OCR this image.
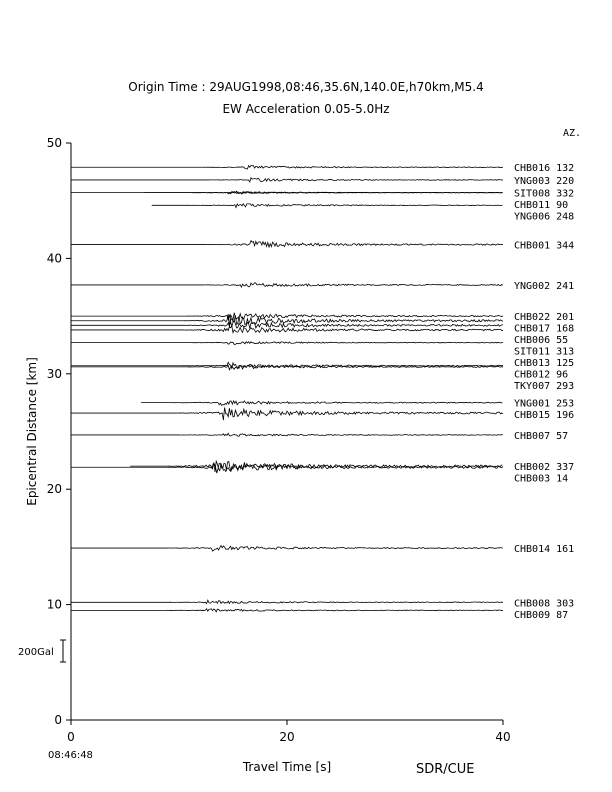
Origin Time : 29AUG1998,08:46,35.6N,140.0E,h70km,M5.4
EW Acceleration 0.05-5.0Hz
0
10
20
30
40
50
0	20	40
Travel Time [s]
Epicentral Distance [km]
200Gal
AZ.
CHB016 132
YNG003 220
SIT008 332
CHB011 90
YNG006 248
CHB001 344
YNG002 241
CHB022 201
CHB017 168
CHB006 55
SIT011 313
CHB013 125
CHB012 96
TKY007 293
YNG001 253
CHB015 196
CHB007 57
CHB002 337
CHB003 14
CHB014 161
CHB008 303
CHB009 87
08:46:48
SDR/CUE
